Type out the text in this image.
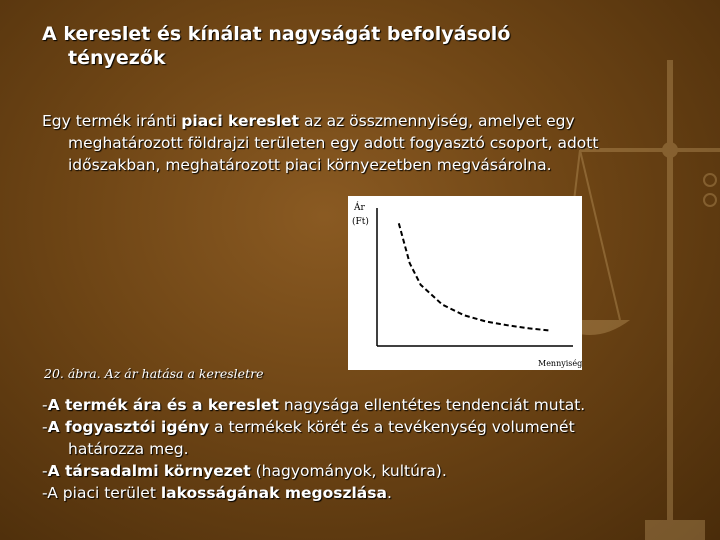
A kereslet és kínálat nagyságát befolyásoló
tényezők
Egy termék iránti piaci kereslet az az összmennyiség, amelyet egy
meghatározott földrajzi területen egy adott fogyasztó csoport, adott
időszakban, meghatározott piaci környezetben megvásárolna.
Ár
(Ft)
Mennyiség
20. ábra. Az ár hatása a keresletre

-A termék ára és a kereslet nagysága ellentétes tendenciát mutat.

-A fogyasztói igény a termékek körét és a tevékenység volumenét
határozza meg.

-A társadalmi környezet (hagyományok, kultúra).

-A piaci terület lakosságának megoszlása.
